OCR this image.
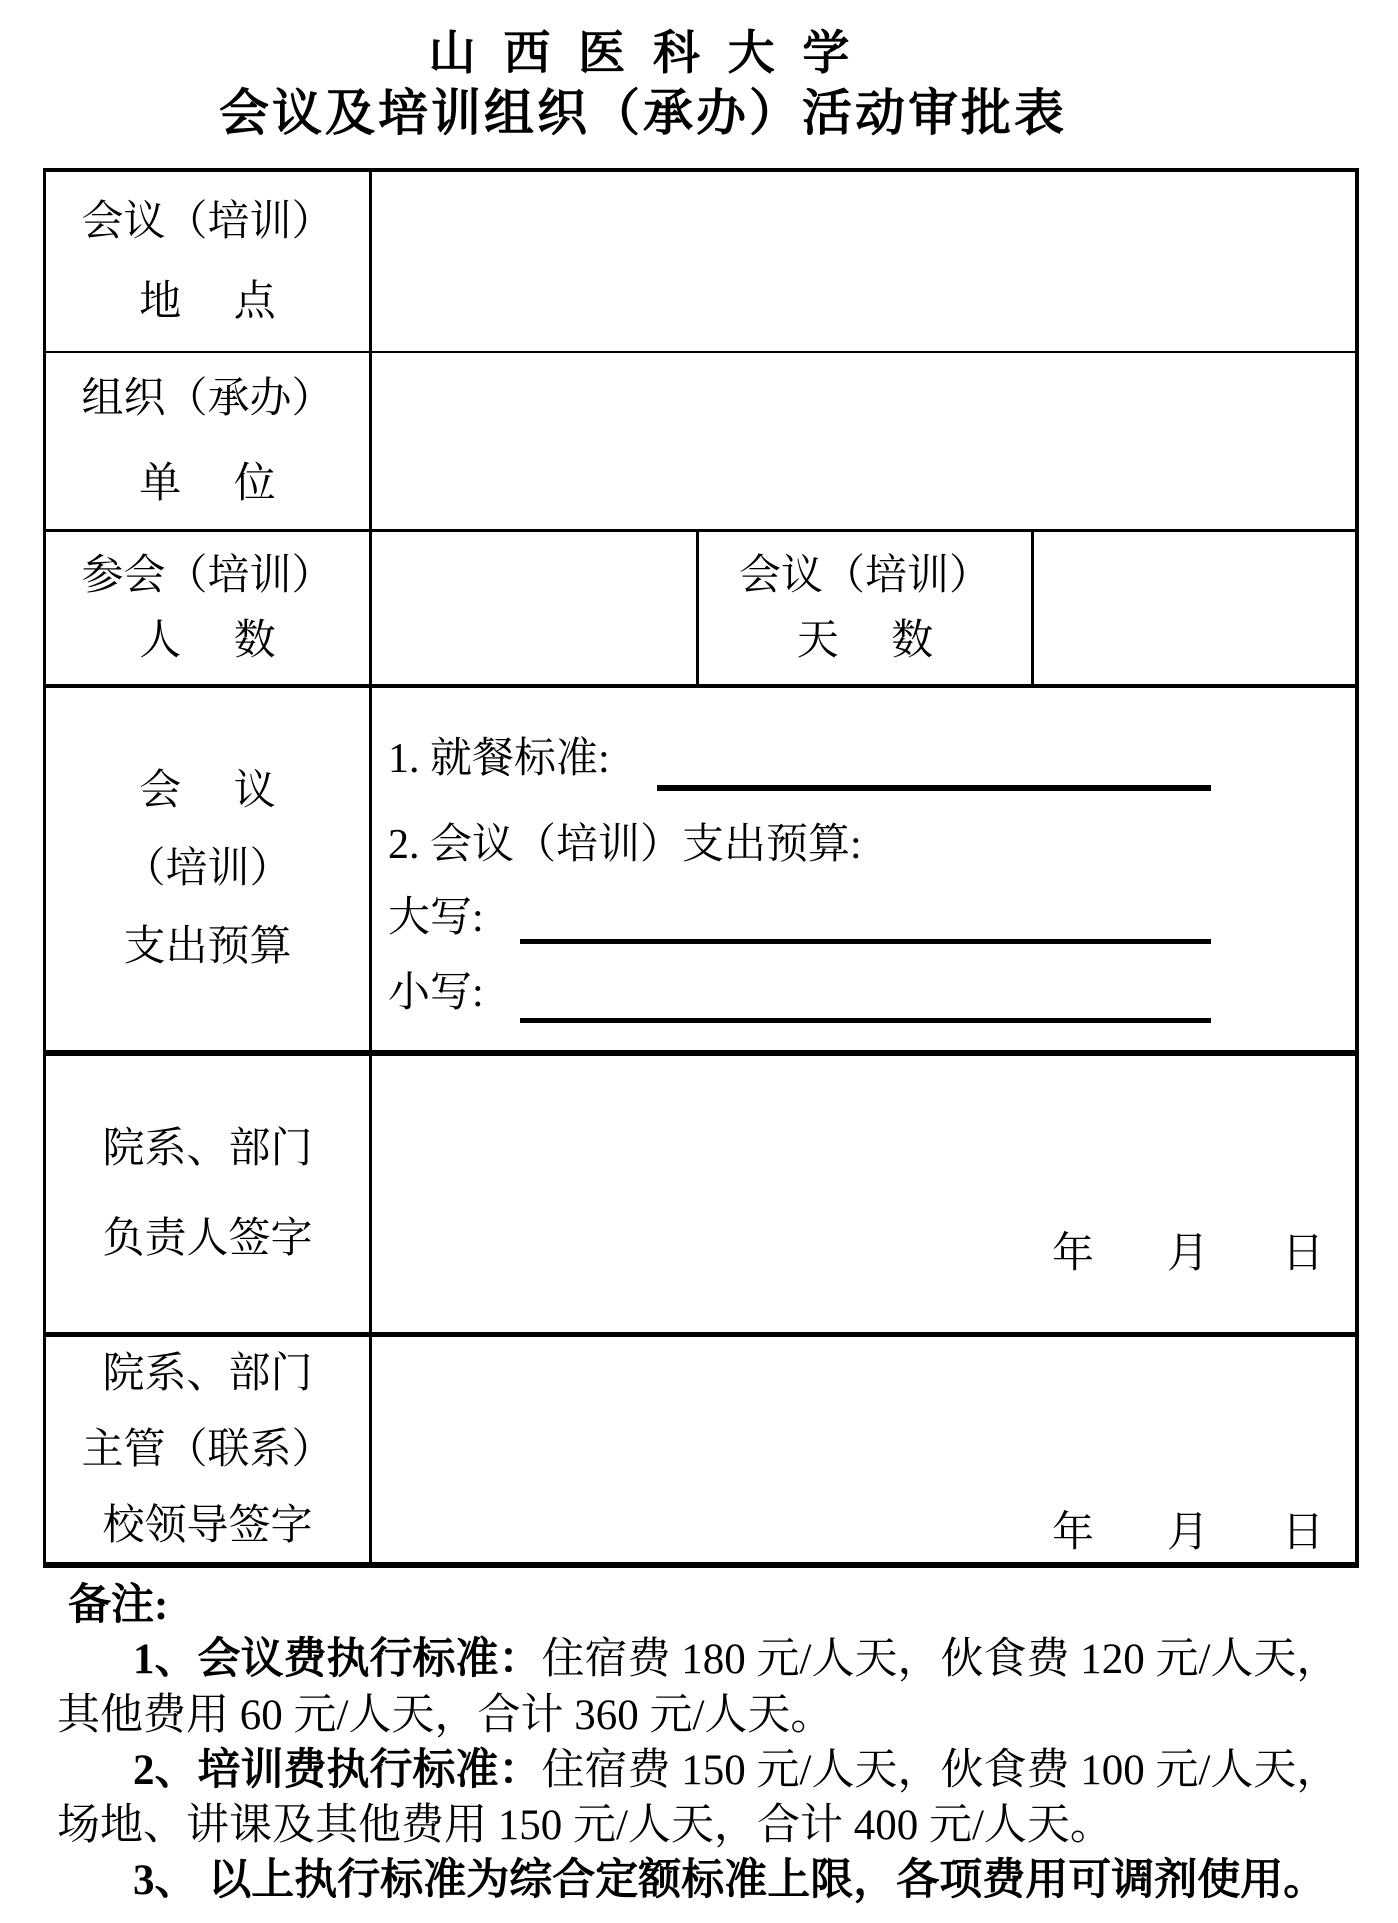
山 西 医 科 大 学
会议及培训组织（承办）活动审批表
会议（培训）
地　 点
组织（承办）
单　 位
参会（培训）
人　 数
会议（培训）
天　 数
会　 议
（培训）
支出预算
1. 就餐标准:
2. 会议（培训）支出预算:
大写:
小写:
院系、部门
负责人签字	年 月 日
院系、部门
主管（联系）
校领导签字	年 月 日
备注:
1、会议费执行标准：住宿费 180 元/人天，伙食费 120 元/人天，
其他费用 60 元/人天，合计 360 元/人天。
2、培训费执行标准：住宿费 150 元/人天，伙食费 100 元/人天，
场地、讲课及其他费用 150 元/人天，合计 400 元/人天。
3、 以上执行标准为综合定额标准上限，各项费用可调剂使用。
